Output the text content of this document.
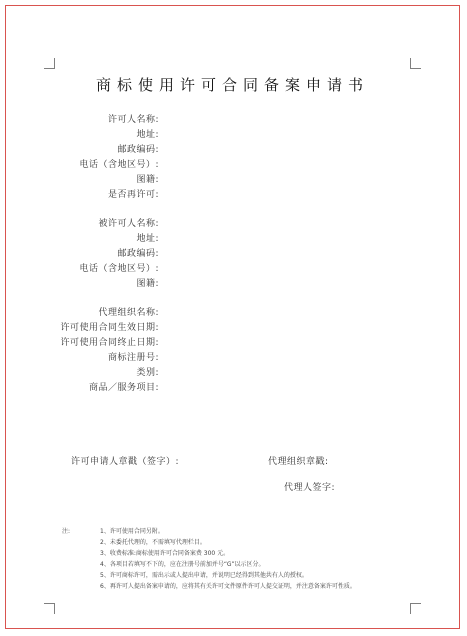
商标使用许可合同备案申请书
许可人名称:
地址:
邮政编码:
电话（含地区号）:
图籍:
是否再许可:
被许可人名称:
地址:
邮政编码:
电话（含地区号）:
图籍:
代理组织名称:
许可使用合同生效日期:
许可使用合同终止日期:
商标注册号:
类别:
商品／服务项目:
许可申请人章戳（签字）:	代理组织章戳:
代理人签字:
注:	1、许可使用合同另附。
2、未委托代理的，不需填写代理栏目。
3、收费标准:商标使用许可合同备案费 300 元。
4、各项目若填写不下的，应在注册号前加并号“G”以示区分。
5、许可商标许可，需出示或人提出申请，并说明已经得到其他共有人的授权。
6、再许可人提出备案申请的，应将其有关许可文件原件许可人提交证明，并注意备案许可性质。
